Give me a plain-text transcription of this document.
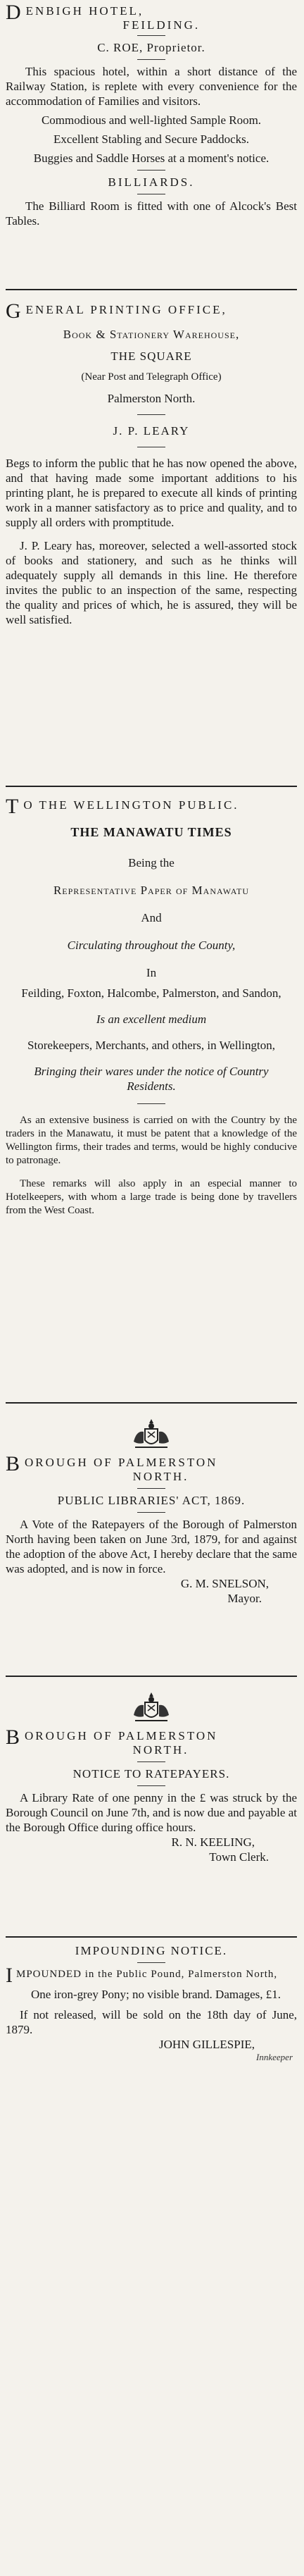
DENBIGH HOTEL,

FEILDING.

C. ROE, Proprietor.

This spacious hotel, within a short distance of the Railway Station, is replete with every convenience for the accommodation of Families and visitors.

Commodious and well-lighted Sample Room.

Excellent Stabling and Secure Paddocks.

Buggies and Saddle Horses at a moment's notice.

BILLIARDS.

The Billiard Room is fitted with one of Alcock's Best Tables.

GENERAL PRINTING OFFICE,

Book & Stationery Warehouse,

THE SQUARE

(Near Post and Telegraph Office)

Palmerston North.

J. P. LEARY

Begs to inform the public that he has now opened the above, and that having made some important additions to his printing plant, he is prepared to execute all kinds of printing work in a manner satisfactory as to price and quality, and to supply all orders with promptitude.

J. P. Leary has, moreover, selected a well-assorted stock of books and stationery, and such as he thinks will adequately supply all demands in this line. He therefore invites the public to an inspection of the same, respecting the quality and prices of which, he is assured, they will be well satisfied.

T O THE WELLINGTON PUBLIC.

THE MANAWATU TIMES

Being the

Representative Paper of Manawatu

And

Circulating throughout the County,

In

Feilding, Foxton, Halcombe, Palmerston, and Sandon,

Is an excellent medium

Storekeepers, Merchants, and others, in Wellington,

Bringing their wares under the notice of Country Residents.

As an extensive business is carried on with the Country by the traders in the Manawatu, it must be patent that a knowledge of the Wellington firms, their trades and terms, would be highly conducive to patronage.

These remarks will also apply in an especial manner to Hotelkeepers, with whom a large trade is being done by travellers from the West Coast.

BOROUGH OF PALMERSTON

NORTH.

PUBLIC LIBRARIES' ACT, 1869.

A Vote of the Ratepayers of the Borough of Palmerston North having been taken on June 3rd, 1879, for and against the adoption of the above Act, I hereby declare that the same was adopted, and is now in force.

G. M. SNELSON,

Mayor.

BOROUGH OF PALMERSTON

NORTH.

NOTICE TO RATEPAYERS.

A Library Rate of one penny in the £ was struck by the Borough Council on June 7th, and is now due and payable at the Borough Office during office hours.

R. N. KEELING,

Town Clerk.

IMPOUNDING NOTICE.

IMPOUNDED in the Public Pound, Palmerston North,

One iron-grey Pony; no visible brand. Damages, £1.

If not released, will be sold on the 18th day of June, 1879.

JOHN GILLESPIE,

Innkeeper
